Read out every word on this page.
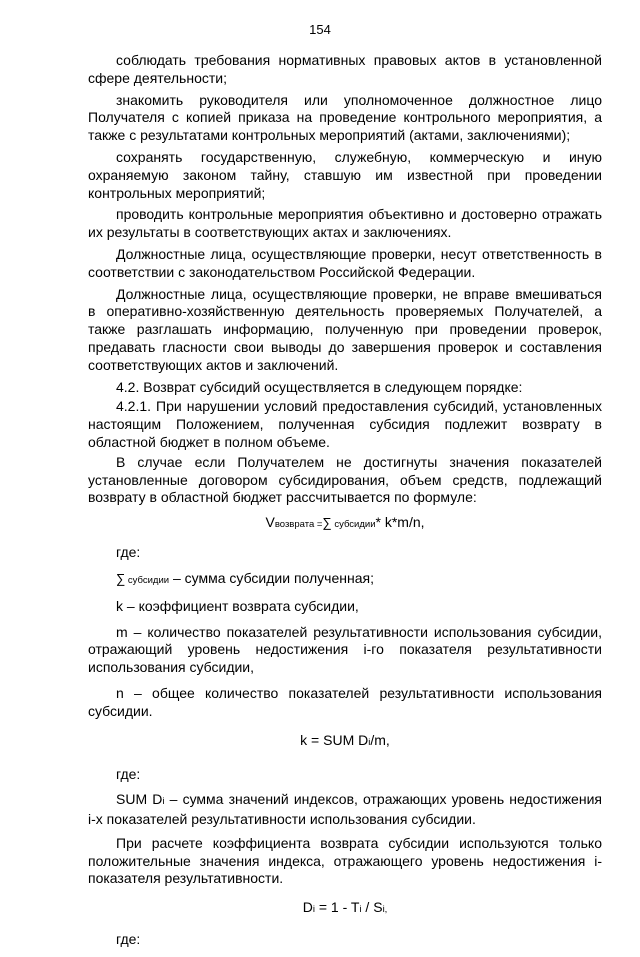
154

соблюдать требования нормативных правовых актов в установленной сфере деятельности;

знакомить руководителя или уполномоченное должностное лицо Получателя с копией приказа на проведение контрольного мероприятия, а также с результатами контрольных мероприятий (актами, заключениями);

сохранять государственную, служебную, коммерческую и иную охраняемую законом тайну, ставшую им известной при проведении контрольных мероприятий;

проводить контрольные мероприятия объективно и достоверно отражать их результаты в соответствующих актах и заключениях.

Должностные лица, осуществляющие проверки, несут ответственность в соответствии с законодательством Российской Федерации.

Должностные лица, осуществляющие проверки, не вправе вмешиваться в оперативно-хозяйственную деятельность проверяемых Получателей, а также разглашать информацию, полученную при проведении проверок, предавать гласности свои выводы до завершения проверок и составления соответствующих актов и заключений.

4.2. Возврат субсидий осуществляется в следующем порядке:

4.2.1. При нарушении условий предоставления субсидий, установленных настоящим Положением, полученная субсидия подлежит возврату в областной бюджет в полном объеме.

В случае если Получателем не достигнуты значения показателей установленные договором субсидирования, объем средств, подлежащий возврату в областной бюджет рассчитывается по формуле:

Vвозврата =∑ субсидии* k*m/n,
где:
∑ субсидии – сумма субсидии полученная;

k – коэффициент возврата субсидии,

m – количество показателей результативности использования субсидии, отражающий уровень недостижения i-го показателя результативности использования субсидии,

n – общее количество показателей результативности использования субсидии.

k = SUM Di/m,
где:

SUM Di – сумма значений индексов, отражающих уровень недостижения i-х показателей результативности использования субсидии.

При расчете коэффициента возврата субсидии используются только положительные значения индекса, отражающего уровень недостижения i-показателя результативности.

Di = 1 - Ti / Si,
где:
